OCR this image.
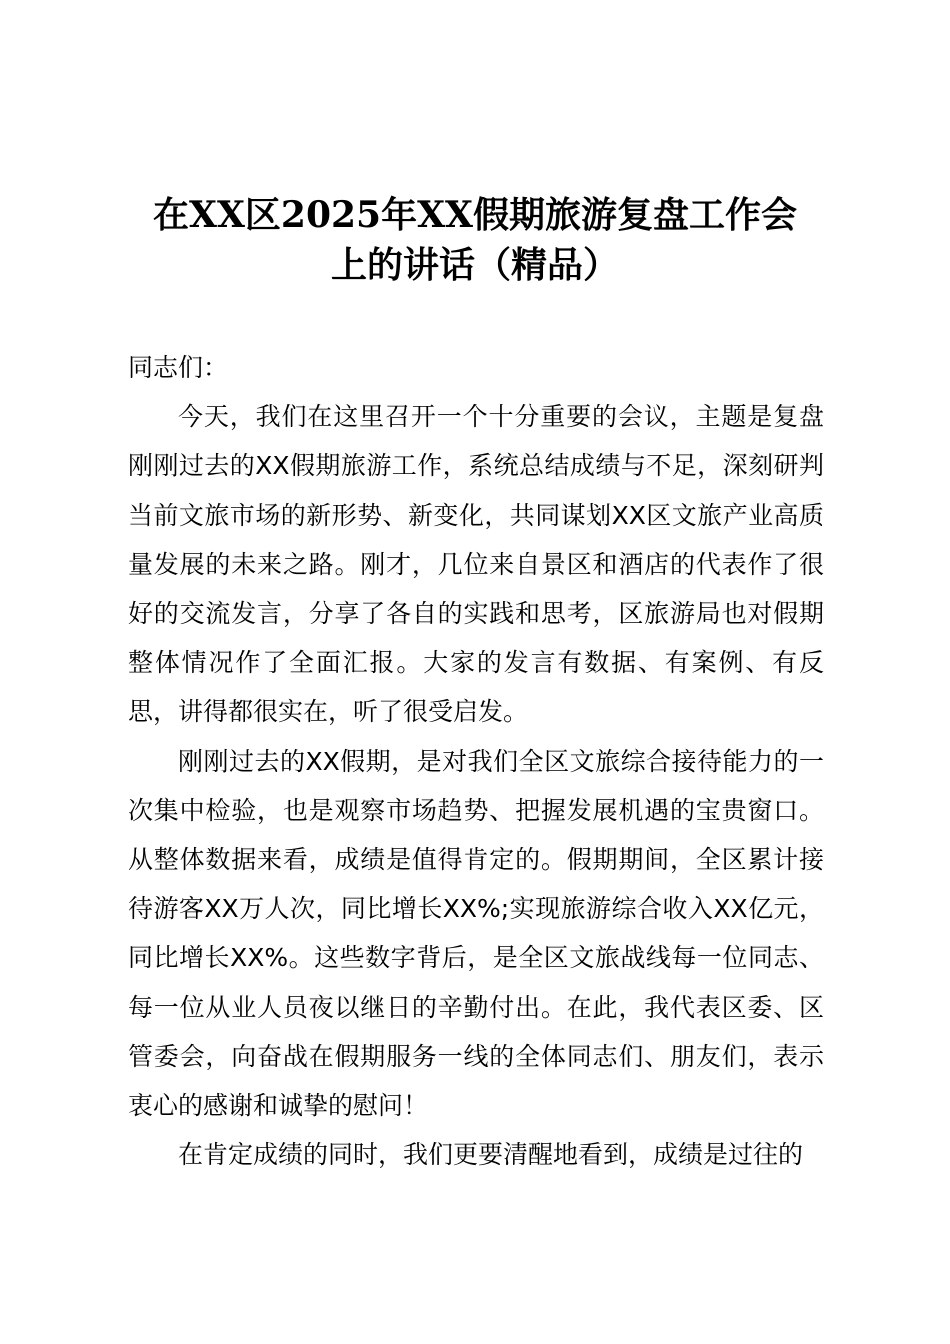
在XX区2025年XX假期旅游复盘工作会
上的讲话（精品）

同志们：

今天，我们在这里召开一个十分重要的会议，主题是复盘刚刚过去的XX假期旅游工作，系统总结成绩与不足，深刻研判当前文旅市场的新形势、新变化，共同谋划XX区文旅产业高质量发展的未来之路。刚才，几位来自景区和酒店的代表作了很好的交流发言，分享了各自的实践和思考，区旅游局也对假期整体情况作了全面汇报。大家的发言有数据、有案例、有反思，讲得都很实在，听了很受启发。

刚刚过去的XX假期，是对我们全区文旅综合接待能力的一次集中检验，也是观察市场趋势、把握发展机遇的宝贵窗口。从整体数据来看，成绩是值得肯定的。假期期间，全区累计接待游客XX万人次，同比增长XX%;实现旅游综合收入XX亿元，同比增长XX%。这些数字背后，是全区文旅战线每一位同志、每一位从业人员夜以继日的辛勤付出。在此，我代表区委、区管委会，向奋战在假期服务一线的全体同志们、朋友们，表示衷心的感谢和诚挚的慰问！

在肯定成绩的同时，我们更要清醒地看到，成绩是过往的
